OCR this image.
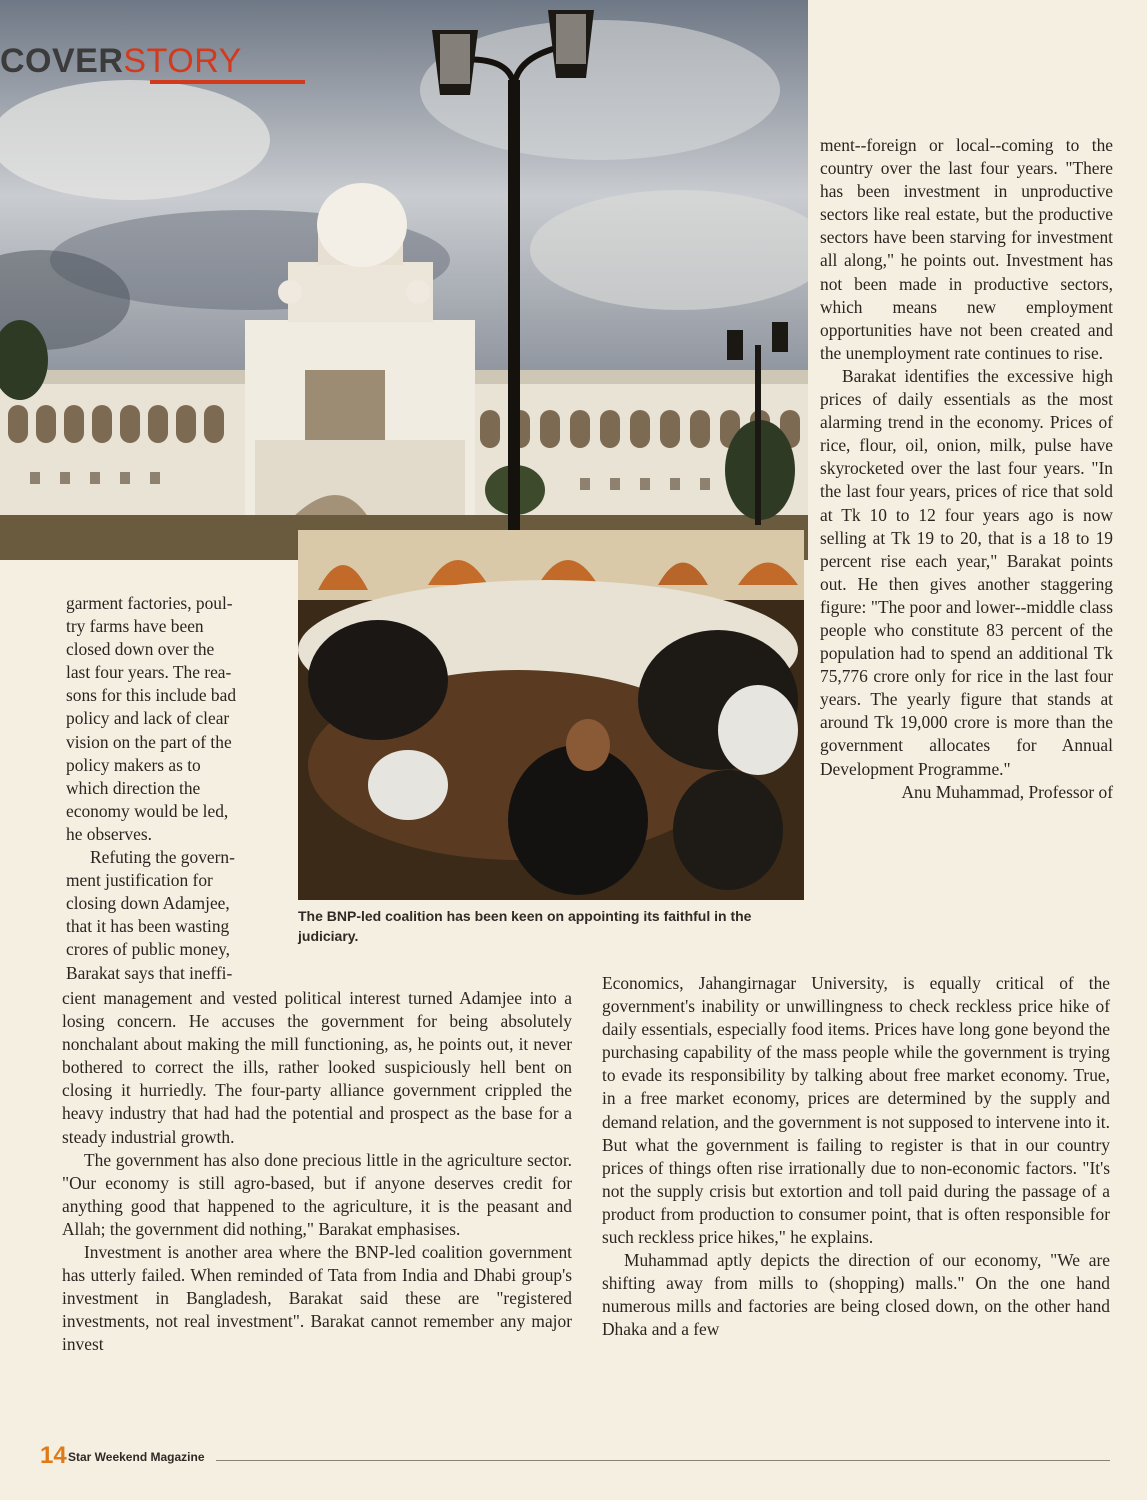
COVERSTORY
The BNP-led coalition has been keen on appointing its faithful in the judiciary.
garment factories, poul-
try farms have been
closed down over the
last four years. The rea-
sons for this include bad
policy and lack of clear
vision on the part of the
policy makers as to
which direction the
economy would be led,
he observes.
Refuting the govern-
ment justification for
closing down Adamjee,
that it has been wasting
crores of public money,
Barakat says that ineffi-

cient management and vested political interest turned Adamjee into a losing concern. He accuses the government for being absolutely nonchalant about making the mill functioning, as, he points out, it never bothered to correct the ills, rather looked suspiciously hell bent on closing it hurriedly. The four-party alliance government crippled the heavy industry that had had the potential and prospect as the base for a steady industrial growth.

The government has also done precious little in the agriculture sector. "Our economy is still agro-based, but if anyone deserves credit for anything good that happened to the agriculture, it is the peasant and Allah; the government did nothing," Barakat emphasises.

Investment is another area where the BNP-led coalition government has utterly failed. When reminded of Tata from India and Dhabi group's investment in Bangladesh, Barakat said these are "registered investments, not real investment". Barakat cannot remember any major invest

ment--foreign or local--coming to the country over the last four years. "There has been investment in unproductive sectors like real estate, but the productive sectors have been starving for investment all along," he points out. Investment has not been made in productive sectors, which means new employment opportunities have not been created and the unemployment rate continues to rise.

Barakat identifies the excessive high prices of daily essentials as the most alarming trend in the economy. Prices of rice, flour, oil, onion, milk, pulse have skyrocketed over the last four years. "In the last four years, prices of rice that sold at Tk 10 to 12 four years ago is now selling at Tk 19 to 20, that is a 18 to 19 percent rise each year," Barakat points out. He then gives another staggering figure: "The poor and lower--middle class people who constitute 83 percent of the population had to spend an additional Tk 75,776 crore only for rice in the last four years. The yearly figure that stands at around Tk 19,000 crore is more than the government allocates for Annual Development Programme."

Anu Muhammad, Professor of

Economics, Jahangirnagar University, is equally critical of the government's inability or unwillingness to check reckless price hike of daily essentials, especially food items. Prices have long gone beyond the purchasing capability of the mass people while the government is trying to evade its responsibility by talking about free market economy. True, in a free market economy, prices are determined by the supply and demand relation, and the government is not supposed to intervene into it. But what the government is failing to register is that in our country prices of things often rise irrationally due to non-economic factors. "It's not the supply crisis but extortion and toll paid during the passage of a product from production to consumer point, that is often responsible for such reckless price hikes," he explains.

Muhammad aptly depicts the direction of our economy, "We are shifting away from mills to (shopping) malls." On the one hand numerous mills and factories are being closed down, on the other hand Dhaka and a few

14 Star Weekend Magazine
